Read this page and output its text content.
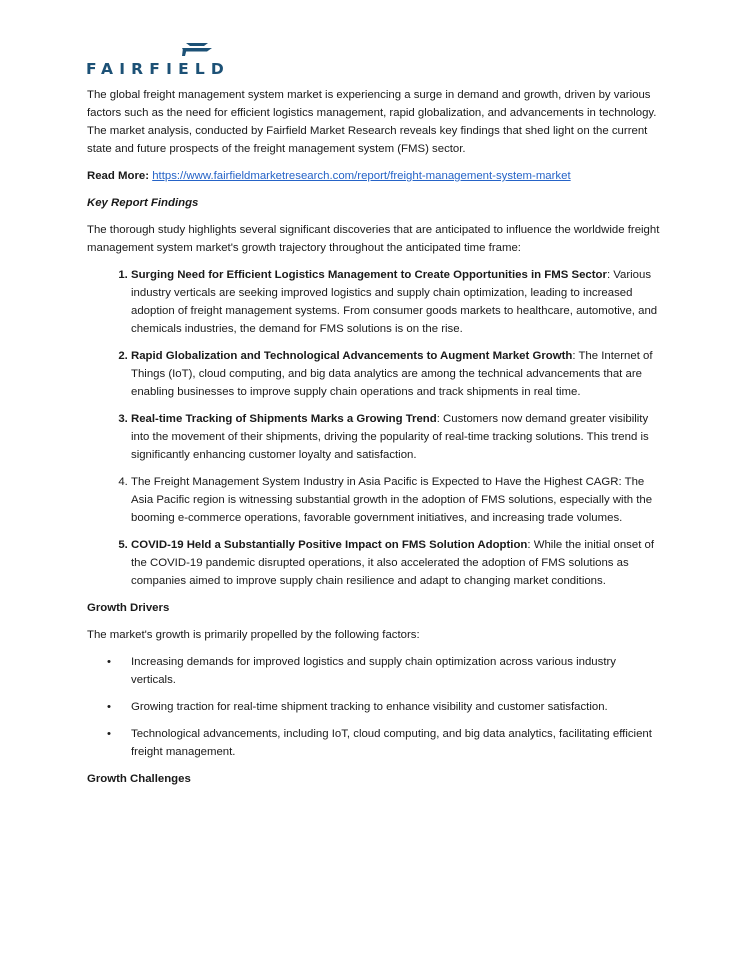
FAIRFIELD

The global freight management system market is experiencing a surge in demand and growth, driven by various factors such as the need for efficient logistics management, rapid globalization, and advancements in technology. The market analysis, conducted by Fairfield Market Research reveals key findings that shed light on the current state and future prospects of the freight management system (FMS) sector.

Read More: https://www.fairfieldmarketresearch.com/report/freight-management-system-market

Key Report Findings

The thorough study highlights several significant discoveries that are anticipated to influence the worldwide freight management system market's growth trajectory throughout the anticipated time frame:

1. Surging Need for Efficient Logistics Management to Create Opportunities in FMS Sector: Various industry verticals are seeking improved logistics and supply chain optimization, leading to increased adoption of freight management systems. From consumer goods markets to healthcare, automotive, and chemicals industries, the demand for FMS solutions is on the rise.
2. Rapid Globalization and Technological Advancements to Augment Market Growth: The Internet of Things (IoT), cloud computing, and big data analytics are among the technical advancements that are enabling businesses to improve supply chain operations and track shipments in real time.
3. Real-time Tracking of Shipments Marks a Growing Trend: Customers now demand greater visibility into the movement of their shipments, driving the popularity of real-time tracking solutions. This trend is significantly enhancing customer loyalty and satisfaction.
4. The Freight Management System Industry in Asia Pacific is Expected to Have the Highest CAGR: The Asia Pacific region is witnessing substantial growth in the adoption of FMS solutions, especially with the booming e-commerce operations, favorable government initiatives, and increasing trade volumes.
5. COVID-19 Held a Substantially Positive Impact on FMS Solution Adoption: While the initial onset of the COVID-19 pandemic disrupted operations, it also accelerated the adoption of FMS solutions as companies aimed to improve supply chain resilience and adapt to changing market conditions.

Growth Drivers

The market's growth is primarily propelled by the following factors:

• Increasing demands for improved logistics and supply chain optimization across various industry verticals.
• Growing traction for real-time shipment tracking to enhance visibility and customer satisfaction.
• Technological advancements, including IoT, cloud computing, and big data analytics, facilitating efficient freight management.

Growth Challenges
